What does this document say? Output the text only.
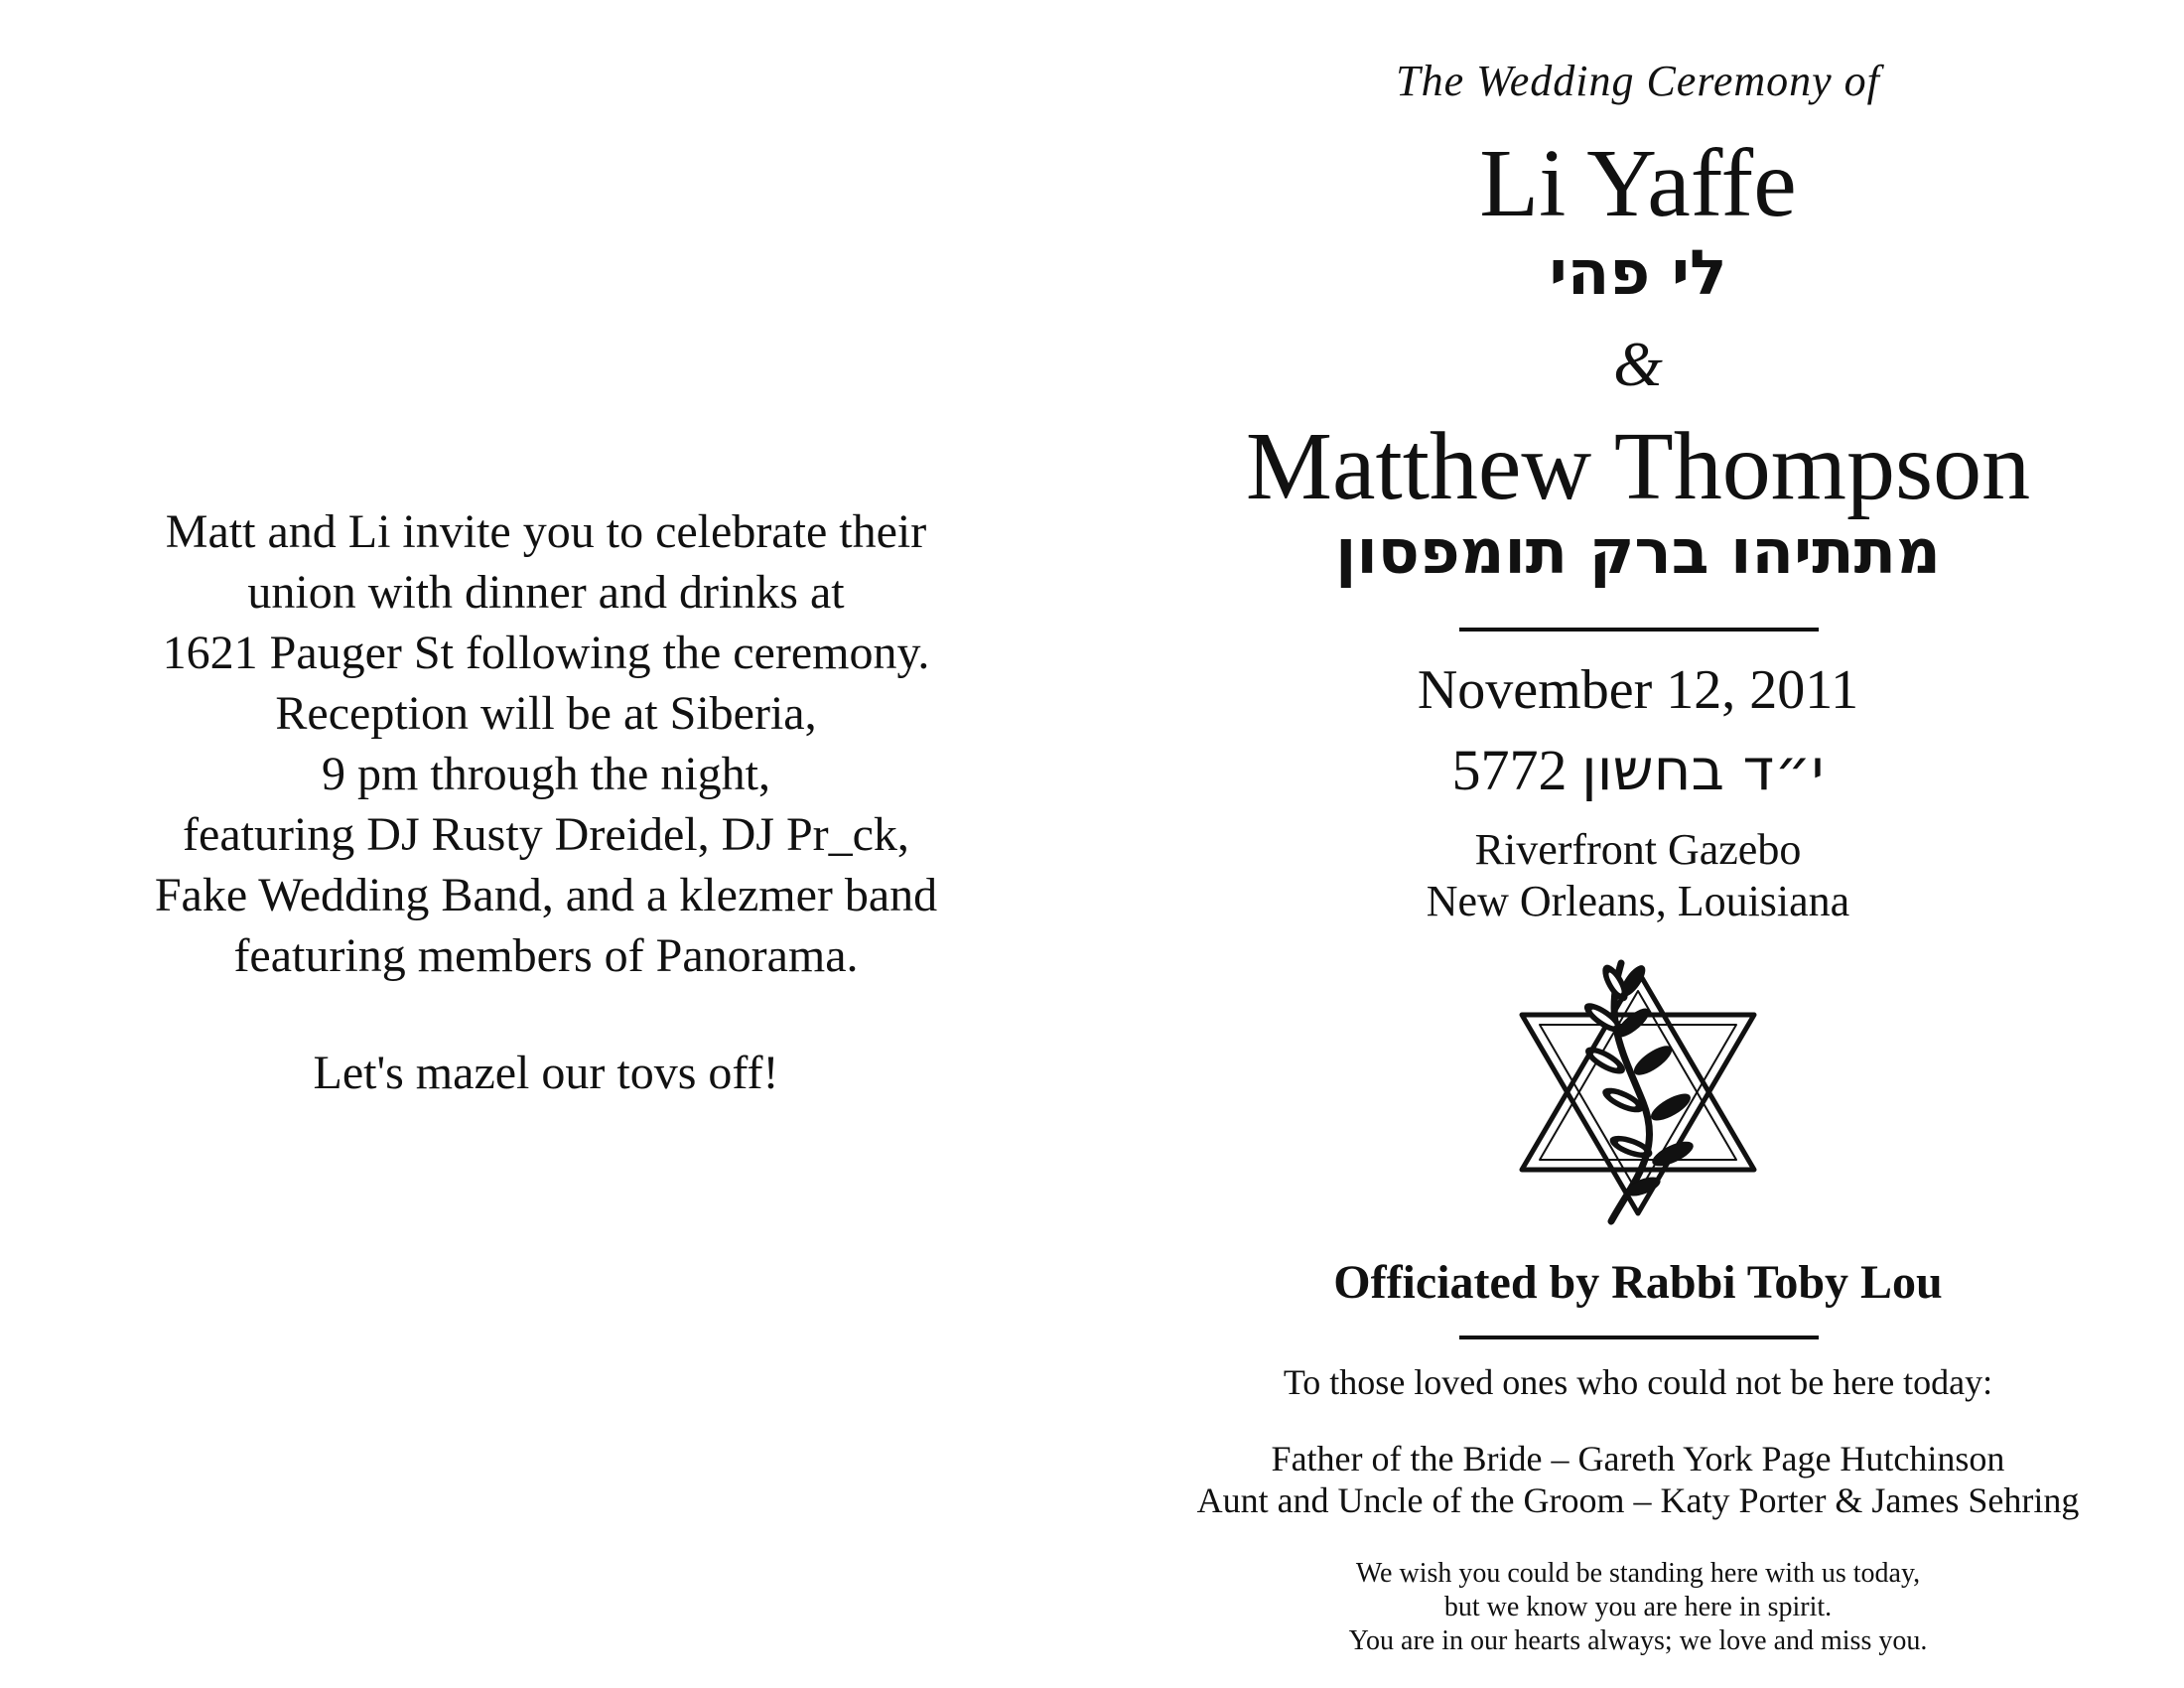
Matt and Li invite you to celebrate their
union with dinner and drinks at
1621 Pauger St following the ceremony.
Reception will be at Siberia,
9 pm through the night,
featuring DJ Rusty Dreidel, DJ Pr_ck,
Fake Wedding Band, and a klezmer band
featuring members of Panorama.
Let's mazel our tovs off!
The Wedding Ceremony of
Li Yaffe
לי פהי
&
Matthew Thompson
מתתיהו ברק תומפסון
November 12, 2011
5772 י״ד בחשון
Riverfront Gazebo
New Orleans, Louisiana
Officiated by Rabbi Toby Lou
To those loved ones who could not be here today:
Father of the Bride – Gareth York Page Hutchinson
Aunt and Uncle of the Groom – Katy Porter & James Sehring
We wish you could be standing here with us today,
but we know you are here in spirit.
You are in our hearts always; we love and miss you.
